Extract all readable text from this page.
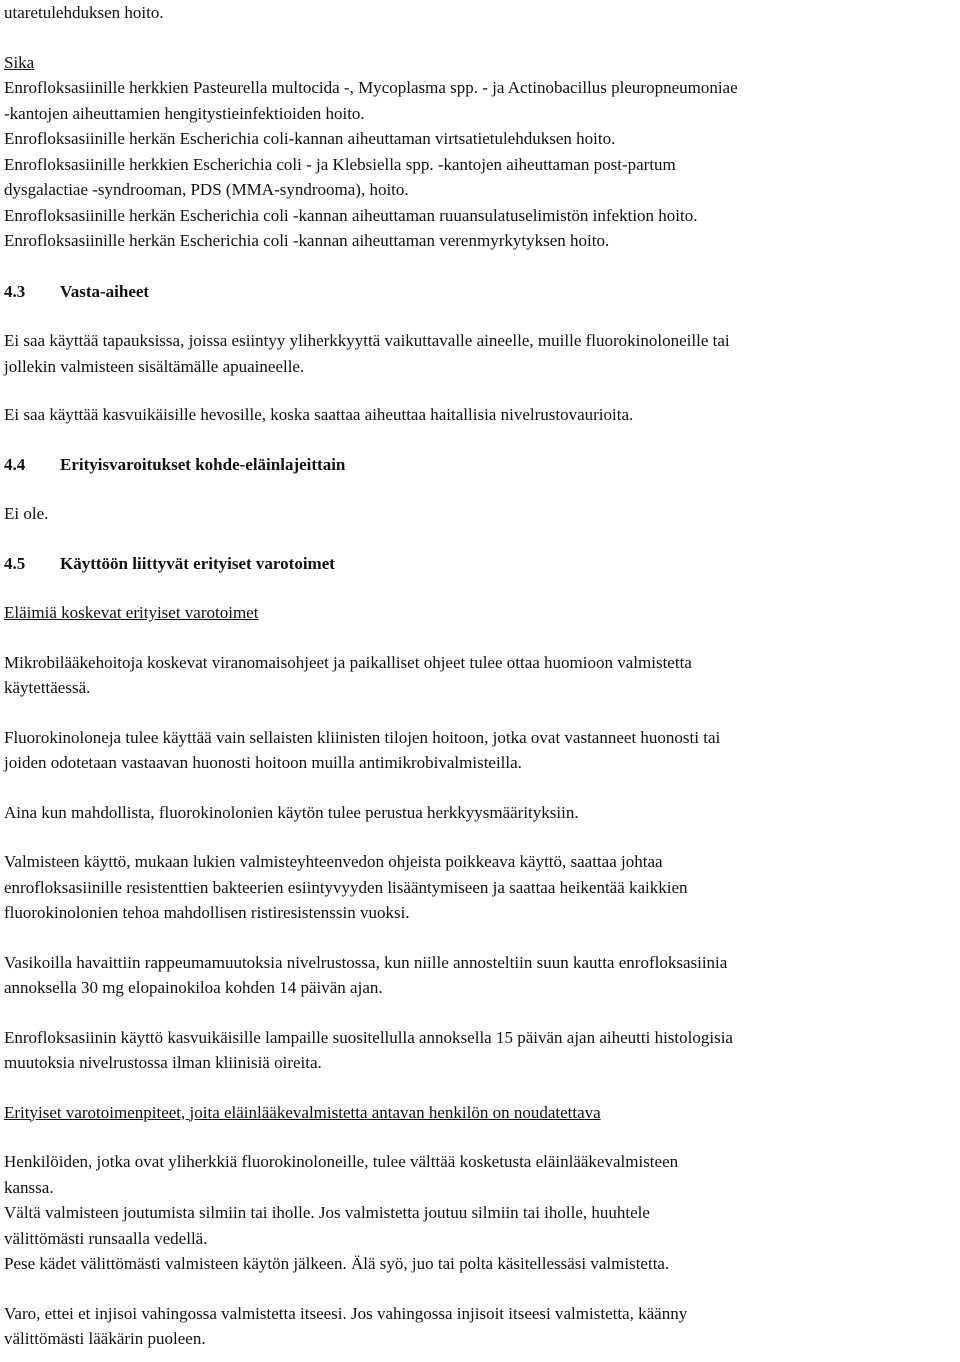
utaretulehduksen hoito.
Sika
Enrofloksasiinille herkkien Pasteurella multocida -, Mycoplasma spp. - ja Actinobacillus pleuropneumoniae
-kantojen aiheuttamien hengitystieinfektioiden hoito.
Enrofloksasiinille herkän Escherichia coli-kannan aiheuttaman virtsatietulehduksen hoito.
Enrofloksasiinille herkkien Escherichia coli - ja Klebsiella spp. -kantojen aiheuttaman post-partum
dysgalactiae -syndrooman, PDS (MMA-syndrooma), hoito.
Enrofloksasiinille herkän Escherichia coli -kannan aiheuttaman ruuansulatuselimistön infektion hoito.
Enrofloksasiinille herkän Escherichia coli -kannan aiheuttaman verenmyrkytyksen hoito.
4.3	Vasta-aiheet
Ei saa käyttää tapauksissa, joissa esiintyy yliherkkyyttä vaikuttavalle aineelle, muille fluorokinoloneille tai
jollekin valmisteen sisältämälle apuaineelle.
Ei saa käyttää kasvuikäisille hevosille, koska saattaa aiheuttaa haitallisia nivelrustovaurioita.
4.4	Erityisvaroitukset kohde-eläinlajeittain
Ei ole.
4.5	Käyttöön liittyvät erityiset varotoimet
Eläimiä koskevat erityiset varotoimet
Mikrobilääkehoitoja koskevat viranomaisohjeet ja paikalliset ohjeet tulee ottaa huomioon valmistetta
käytettäessä.
Fluorokinoloneja tulee käyttää vain sellaisten kliinisten tilojen hoitoon, jotka ovat vastanneet huonosti tai
joiden odotetaan vastaavan huonosti hoitoon muilla antimikrobivalmisteilla.
Aina kun mahdollista, fluorokinolonien käytön tulee perustua herkkyysmäärityksiin.
Valmisteen käyttö, mukaan lukien valmisteyhteenvedon ohjeista poikkeava käyttö, saattaa johtaa
enrofloksasiinille resistenttien bakteerien esiintyvyyden lisääntymiseen ja saattaa heikentää kaikkien
fluorokinolonien tehoa mahdollisen ristiresistenssin vuoksi.
Vasikoilla havaittiin rappeumamuutoksia nivelrustossa, kun niille annosteltiin suun kautta enrofloksasiinia
annoksella 30 mg elopainokiloa kohden 14 päivän ajan.
Enrofloksasiinin käyttö kasvuikäisille lampaille suositellulla annoksella 15 päivän ajan aiheutti histologisia
muutoksia nivelrustossa ilman kliinisiä oireita.
Erityiset varotoimenpiteet, joita eläinlääkevalmistetta antavan henkilön on noudatettava
Henkilöiden, jotka ovat yliherkkiä fluorokinoloneille, tulee välttää kosketusta eläinlääkevalmisteen
kanssa.
Vältä valmisteen joutumista silmiin tai iholle. Jos valmistetta joutuu silmiin tai iholle, huuhtele
välittömästi runsaalla vedellä.
Pese kädet välittömästi valmisteen käytön jälkeen. Älä syö, juo tai polta käsitellessäsi valmistetta.
Varo, ettei et injisoi vahingossa valmistetta itseesi. Jos vahingossa injisoit itseesi valmistetta, käänny
välittömästi lääkärin puoleen.
